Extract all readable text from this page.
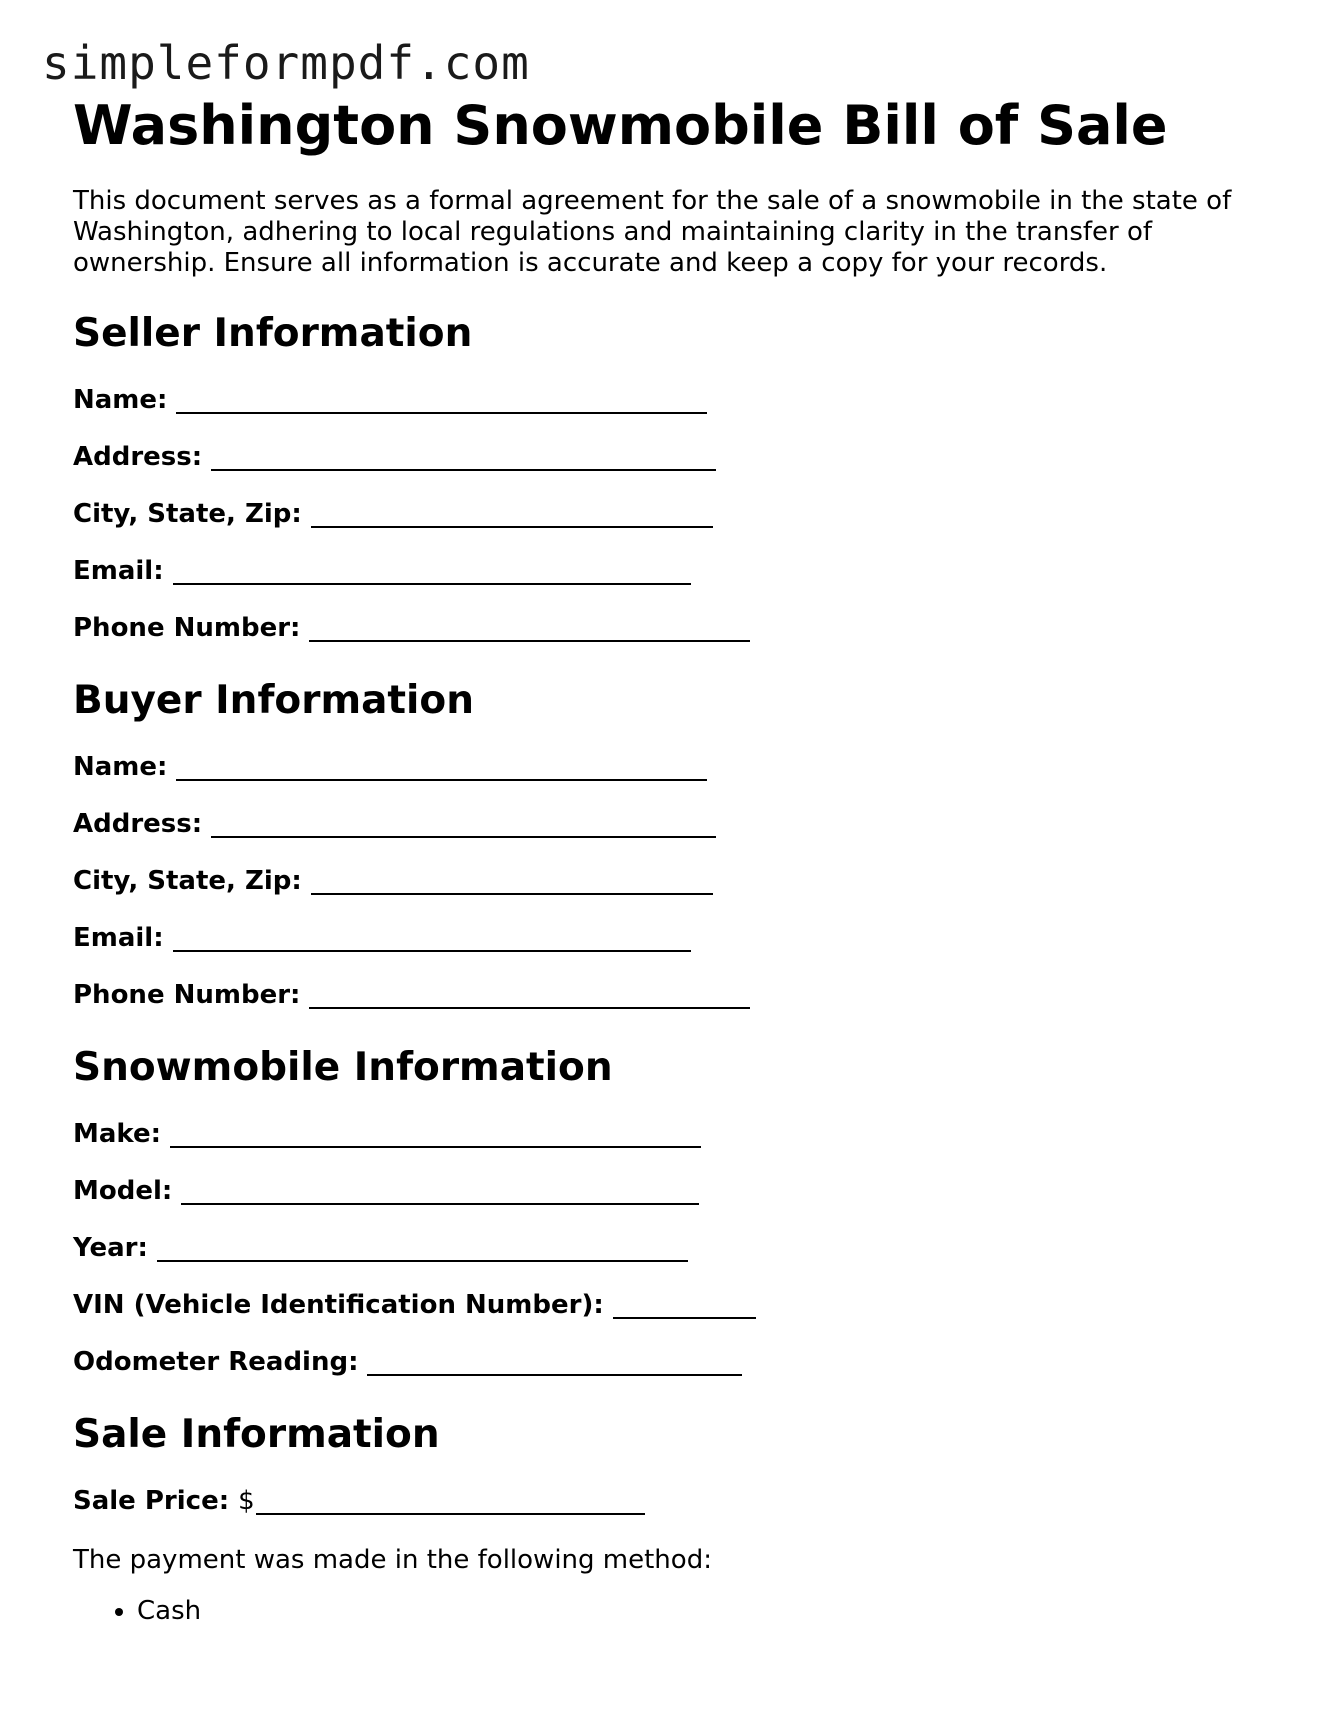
simpleformpdf.com
Washington Snowmobile Bill of Sale

This document serves as a formal agreement for the sale of a snowmobile in the state of Washington, adhering to local regulations and maintaining clarity in the transfer of ownership. Ensure all information is accurate and keep a copy for your records.

Seller Information
Name:
Address:
City, State, Zip:
Email:
Phone Number:
Buyer Information
Name:
Address:
City, State, Zip:
Email:
Phone Number:
Snowmobile Information
Make:
Model:
Year:
VIN (Vehicle Identification Number):
Odometer Reading:
Sale Information
Sale Price: $

The payment was made in the following method:

• Cash
